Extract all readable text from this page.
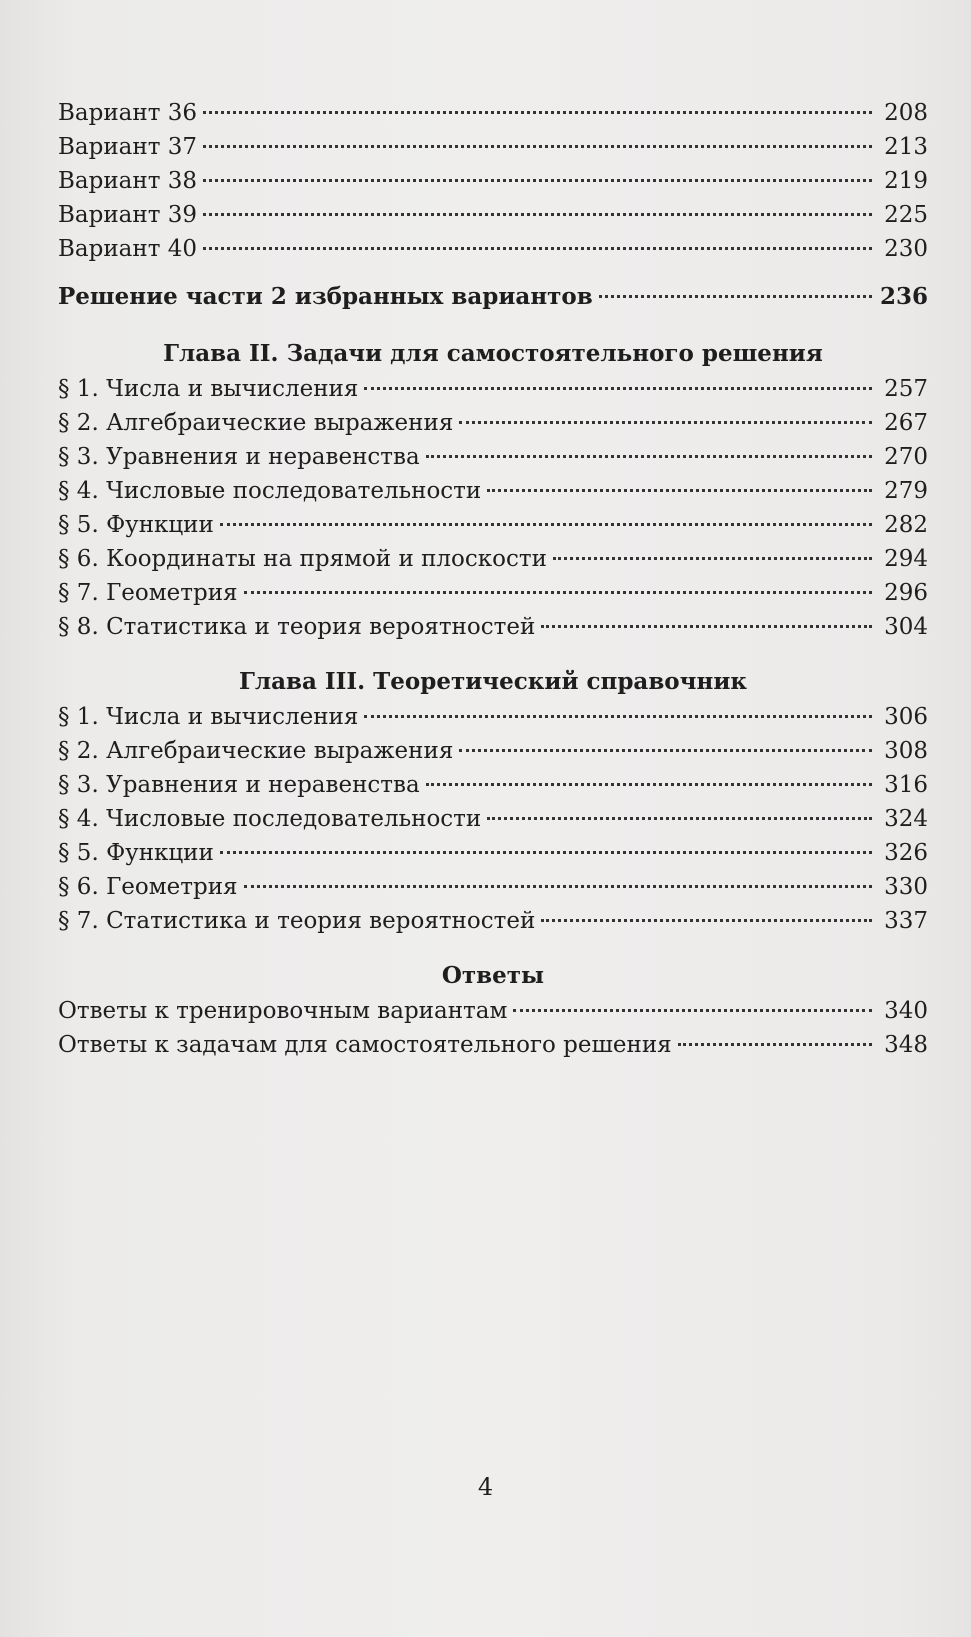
Вариант 36	208
Вариант 37	213
Вариант 38	219
Вариант 39	225
Вариант 40	230
Решение части 2 избранных вариантов	236
Глава II. Задачи для самостоятельного решения
§ 1. Числа и вычисления	257
§ 2. Алгебраические выражения	267
§ 3. Уравнения и неравенства	270
§ 4. Числовые последовательности	279
§ 5. Функции	282
§ 6. Координаты на прямой и плоскости	294
§ 7. Геометрия	296
§ 8. Статистика и теория вероятностей	304
Глава III. Теоретический справочник
§ 1. Числа и вычисления	306
§ 2. Алгебраические выражения	308
§ 3. Уравнения и неравенства	316
§ 4. Числовые последовательности	324
§ 5. Функции	326
§ 6. Геометрия	330
§ 7. Статистика и теория вероятностей	337
Ответы
Ответы к тренировочным вариантам	340
Ответы к задачам для самостоятельного решения	348
4
